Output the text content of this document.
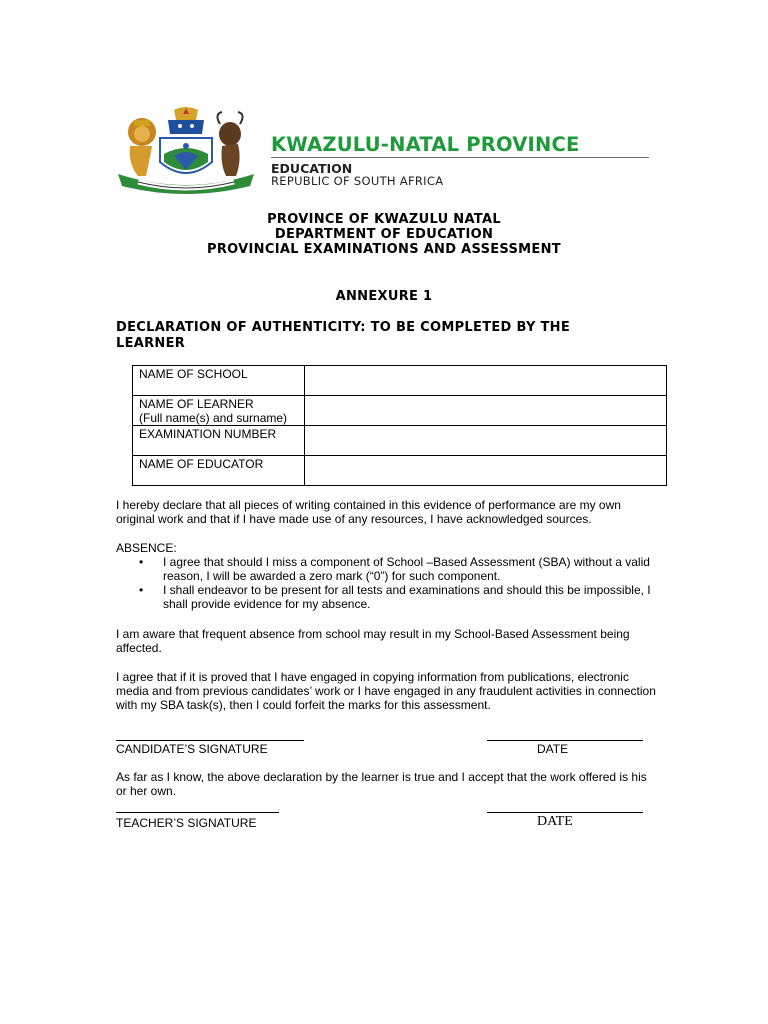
KWAZULU-NATAL PROVINCE
EDUCATION
REPUBLIC OF SOUTH AFRICA
PROVINCE OF KWAZULU NATAL
DEPARTMENT OF EDUCATION
PROVINCIAL EXAMINATIONS AND ASSESSMENT
ANNEXURE 1
DECLARATION OF AUTHENTICITY: TO BE COMPLETED BY THE LEARNER
NAME OF SCHOOL	
NAME OF LEARNER
(Full name(s) and surname)	
EXAMINATION NUMBER	
NAME OF EDUCATOR	
I hereby declare that all pieces of writing contained in this evidence of performance are my own original work and that if I have made use of any resources, I have acknowledged sources.
ABSENCE:
• I agree that should I miss a component of School –Based Assessment (SBA) without a valid reason, I will be awarded a zero mark (“0”) for such component.
• I shall endeavor to be present for all tests and examinations and should this be impossible, I shall provide evidence for my absence.
I am aware that frequent absence from school may result in my School-Based Assessment being affected.
I agree that if it is proved that I have engaged in copying information from publications, electronic media and from previous candidates’ work or I have engaged in any fraudulent activities in connection with my SBA task(s), then I could forfeit the marks for this assessment.
CANDIDATE’S SIGNATURE	DATE
As far as I know, the above declaration by the learner is true and I accept that the work offered is his or her own.
TEACHER’S SIGNATURE	DATE
